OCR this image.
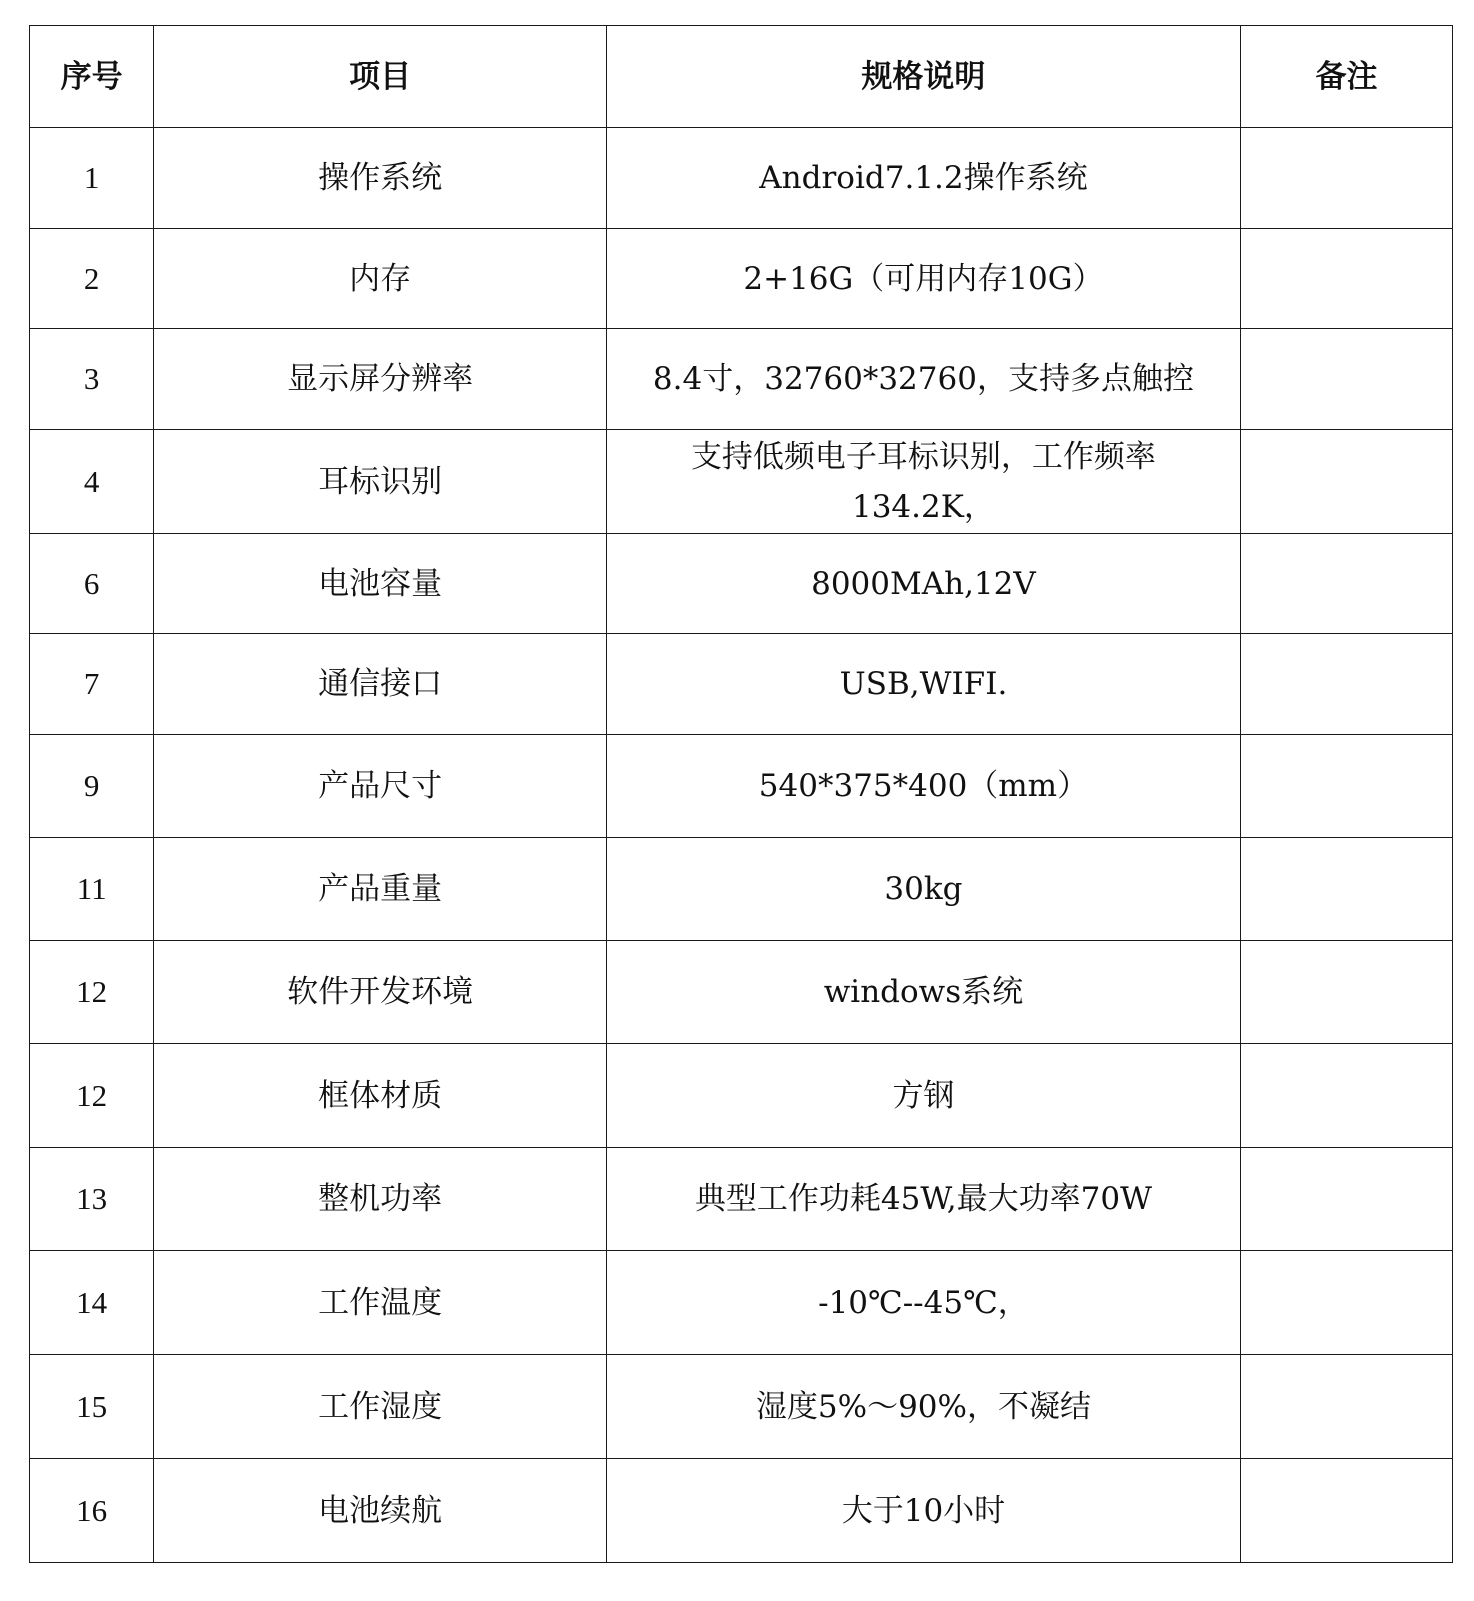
序号	项目	规格说明	备注
1	操作系统	Android7.1.2操作系统	
2	内存	2+16G（可用内存10G）	
3	显示屏分辨率	8.4寸，32760*32760，支持多点触控	
4	耳标识别	支持低频电子耳标识别，工作频率134.2K，	
6	电池容量	8000MAh,12V	
7	通信接口	USB,WIFI.	
9	产品尺寸	540*375*400（mm）	
11	产品重量	30kg	
12	软件开发环境	windows系统	
12	框体材质	方钢	
13	整机功率	典型工作功耗45W,最大功率70W	
14	工作温度	-10℃--45℃，	
15	工作湿度	湿度5%～90%，不凝结	
16	电池续航	大于10小时	
